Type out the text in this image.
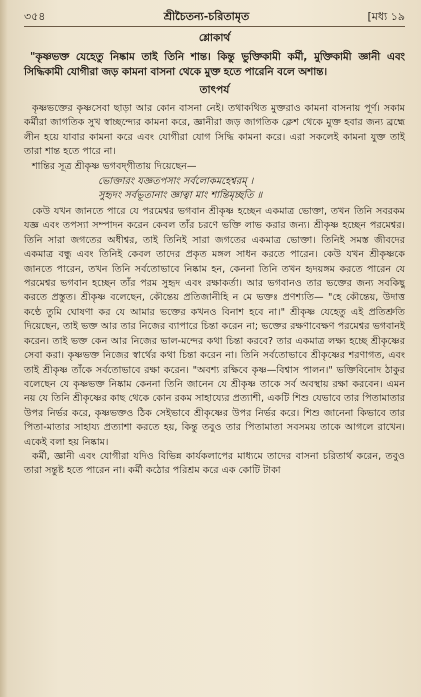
৩৫৪	শ্রীচৈতন্য-চরিতামৃত	[মধ্য ১৯
শ্লোকার্থ

"কৃষ্ণভক্ত যেহেতু নিষ্কাম তাই তিনি শান্ত। কিন্তু ভুক্তিকামী কর্মী, মুক্তিকামী জ্ঞানী এবং সিদ্ধিকামী যোগীরা জড় কামনা বাসনা থেকে মুক্ত হতে পারেনি বলে অশান্ত।

তাৎপর্য

কৃষ্ণভক্তের কৃষ্ণসেবা ছাড়া আর কোন বাসনা নেই। তথাকথিত মুক্তরাও কামনা বাসনায় পূর্ণ। সকাম কর্মীরা জাগতিক সুখ স্বাচ্ছন্দ্যের কামনা করে, জ্ঞানীরা জড় জাগতিক ক্লেশ থেকে মুক্ত হবার জন্য ব্রহ্মে লীন হয়ে যাবার কামনা করে এবং যোগীরা যোগ সিদ্ধি কামনা করে। এরা সকলেই কামনা যুক্ত তাই তারা শান্ত হতে পারে না।

শান্তির সূত্র শ্রীকৃষ্ণ ভগবদ্‌গীতায় দিয়েছেন—

ভোক্তারং যজ্ঞতপসাং সর্বলোকমহেশ্বরম্ ।
সুহৃদং সর্বভূতানাং জ্ঞাত্বা মাং শান্তিমৃচ্ছতি ॥

কেউ যখন জানতে পারে যে পরমেশ্বর ভগবান শ্রীকৃষ্ণ হচ্ছেন একমাত্র ভোক্তা, তখন তিনি সবরকম যজ্ঞ এবং তপস্যা সম্পাদন করেন কেবল তাঁর চরণে ভক্তি লাভ করার জন্য। শ্রীকৃষ্ণ হচ্ছেন পরমেশ্বর। তিনি সারা জগতের অধীশ্বর, তাই তিনিই সারা জগতের একমাত্র ভোক্তা। তিনিই সমস্ত জীবদের একমাত্র বন্ধু এবং তিনিই কেবল তাদের প্রকৃত মঙ্গল সাধন করতে পারেন। কেউ যখন শ্রীকৃষ্ণকে জানতে পারেন, তখন তিনি সর্বতোভাবে নিষ্কাম হন, কেননা তিনি তখন হৃদয়ঙ্গম করতে পারেন যে পরমেশ্বর ভগবান হচ্ছেন তাঁর পরম সুহৃদ এবং রক্ষাকর্তা। আর ভগবানও তার ভক্তের জন্য সবকিছু করতে প্রস্তুত। শ্রীকৃষ্ণ বলেছেন, কৌন্তেয় প্রতিজানীহি ন মে ভক্তঃ প্রণশ্যতি— "হে কৌন্তেয়, উদাত্ত কণ্ঠে তুমি ঘোষণা কর যে আমার ভক্তের কখনও বিনাশ হবে না।" শ্রীকৃষ্ণ যেহেতু এই প্রতিশ্রুতি দিয়েছেন, তাই ভক্ত আর তার নিজের ব্যাপারে চিন্তা করেন না; ভক্তের রক্ষণাবেক্ষণ পরমেশ্বর ভগবানই করেন। তাই ভক্ত কেন আর নিজের ভাল-মন্দের কথা চিন্তা করবে? তার একমাত্র লক্ষ্য হচ্ছে শ্রীকৃষ্ণের সেবা করা। কৃষ্ণভক্ত নিজের স্বার্থের কথা চিন্তা করেন না। তিনি সর্বতোভাবে শ্রীকৃষ্ণের শরণাগত, এবং তাই শ্রীকৃষ্ণ তাঁকে সর্বতোভাবে রক্ষা করেন। "অবশ্য রক্ষিবে কৃষ্ণ—বিশ্বাস পালন।" ভক্তিবিনোদ ঠাকুর বলেছেন যে কৃষ্ণভক্ত নিষ্কাম কেননা তিনি জানেন যে শ্রীকৃষ্ণ তাকে সর্ব অবস্থায় রক্ষা করবেন। এমন নয় যে তিনি শ্রীকৃষ্ণের কাছ থেকে কোন রকম সাহায্যের প্রত্যাশী, একটি শিশু যেভাবে তার পিতামাতার উপর নির্ভর করে, কৃষ্ণভক্তও ঠিক সেইভাবে শ্রীকৃষ্ণের উপর নির্ভর করে। শিশু জানেনা কিভাবে তার পিতা-মাতার সাহায্য প্রত্যাশা করতে হয়, কিন্তু তবুও তার পিতামাতা সবসময় তাকে আগলে রাখেন। একেই বলা হয় নিষ্কাম।

কর্মী, জ্ঞানী এবং যোগীরা যদিও বিভিন্ন কার্যকলাপের মাধ্যমে তাদের বাসনা চরিতার্থ করেন, তবুও তারা সন্তুষ্ট হতে পারেন না। কর্মী কঠোর পরিশ্রম করে এক কোটি টাকা
